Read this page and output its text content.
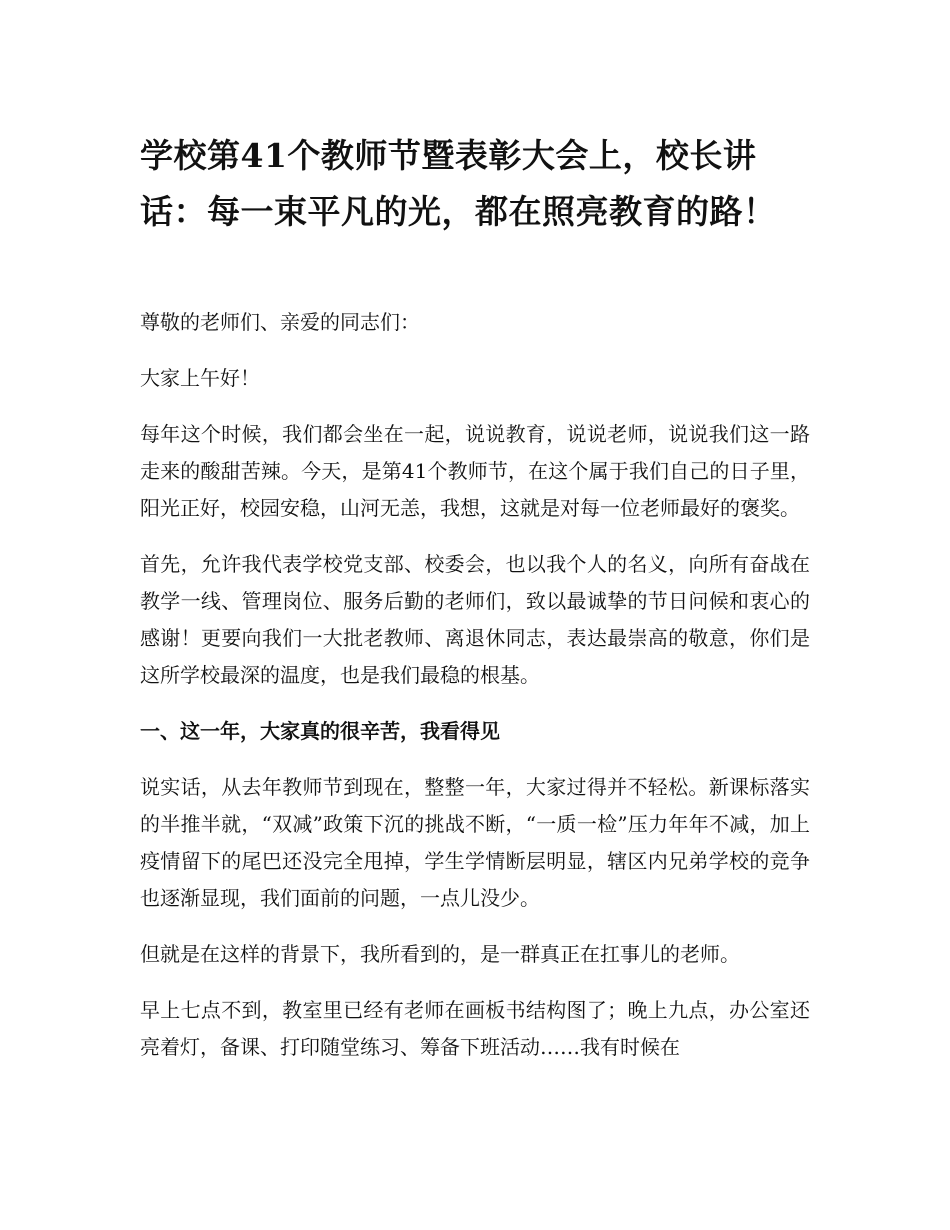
学校第41个教师节暨表彰大会上，校长讲话：每一束平凡的光，都在照亮教育的路！

尊敬的老师们、亲爱的同志们：

大家上午好！

每年这个时候，我们都会坐在一起，说说教育，说说老师，说说我们这一路走来的酸甜苦辣。今天，是第41个教师节，在这个属于我们自己的日子里，阳光正好，校园安稳，山河无恙，我想，这就是对每一位老师最好的褒奖。

首先，允许我代表学校党支部、校委会，也以我个人的名义，向所有奋战在教学一线、管理岗位、服务后勤的老师们，致以最诚挚的节日问候和衷心的感谢！更要向我们一大批老教师、离退休同志，表达最崇高的敬意，你们是这所学校最深的温度，也是我们最稳的根基。

一、这一年，大家真的很辛苦，我看得见

说实话，从去年教师节到现在，整整一年，大家过得并不轻松。新课标落实的半推半就，“双减”政策下沉的挑战不断，“一质一检”压力年年不减，加上疫情留下的尾巴还没完全甩掉，学生学情断层明显，辖区内兄弟学校的竞争也逐渐显现，我们面前的问题，一点儿没少。

但就是在这样的背景下，我所看到的，是一群真正在扛事儿的老师。

早上七点不到，教室里已经有老师在画板书结构图了；晚上九点，办公室还亮着灯，备课、打印随堂练习、筹备下班活动……我有时候在
